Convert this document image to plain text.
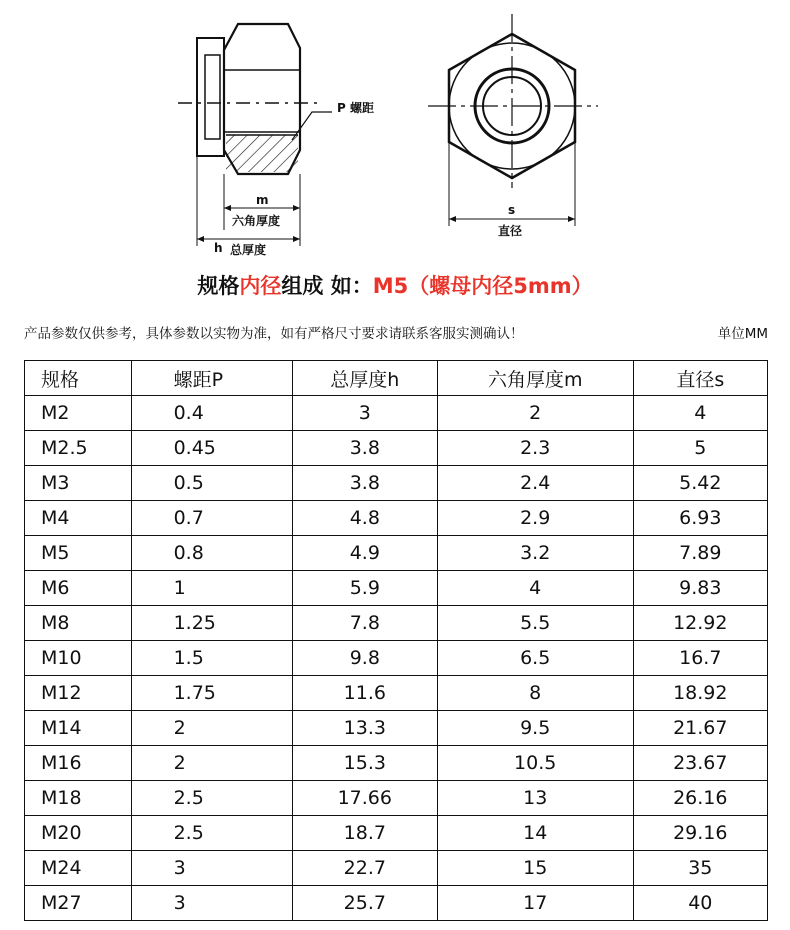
P 螺距
m
六角厚度
h 总厚度
s
直径
规格内径组成 如：M5（螺母内径5mm）
产品参数仅供参考，具体参数以实物为准，如有严格尺寸要求请联系客服实测确认！	单位MM
规格	螺距P	总厚度h	六角厚度m	直径s
M2	0.4	3	2	4
M2.5	0.45	3.8	2.3	5
M3	0.5	3.8	2.4	5.42
M4	0.7	4.8	2.9	6.93
M5	0.8	4.9	3.2	7.89
M6	1	5.9	4	9.83
M8	1.25	7.8	5.5	12.92
M10	1.5	9.8	6.5	16.7
M12	1.75	11.6	8	18.92
M14	2	13.3	9.5	21.67
M16	2	15.3	10.5	23.67
M18	2.5	17.66	13	26.16
M20	2.5	18.7	14	29.16
M24	3	22.7	15	35
M27	3	25.7	17	40
